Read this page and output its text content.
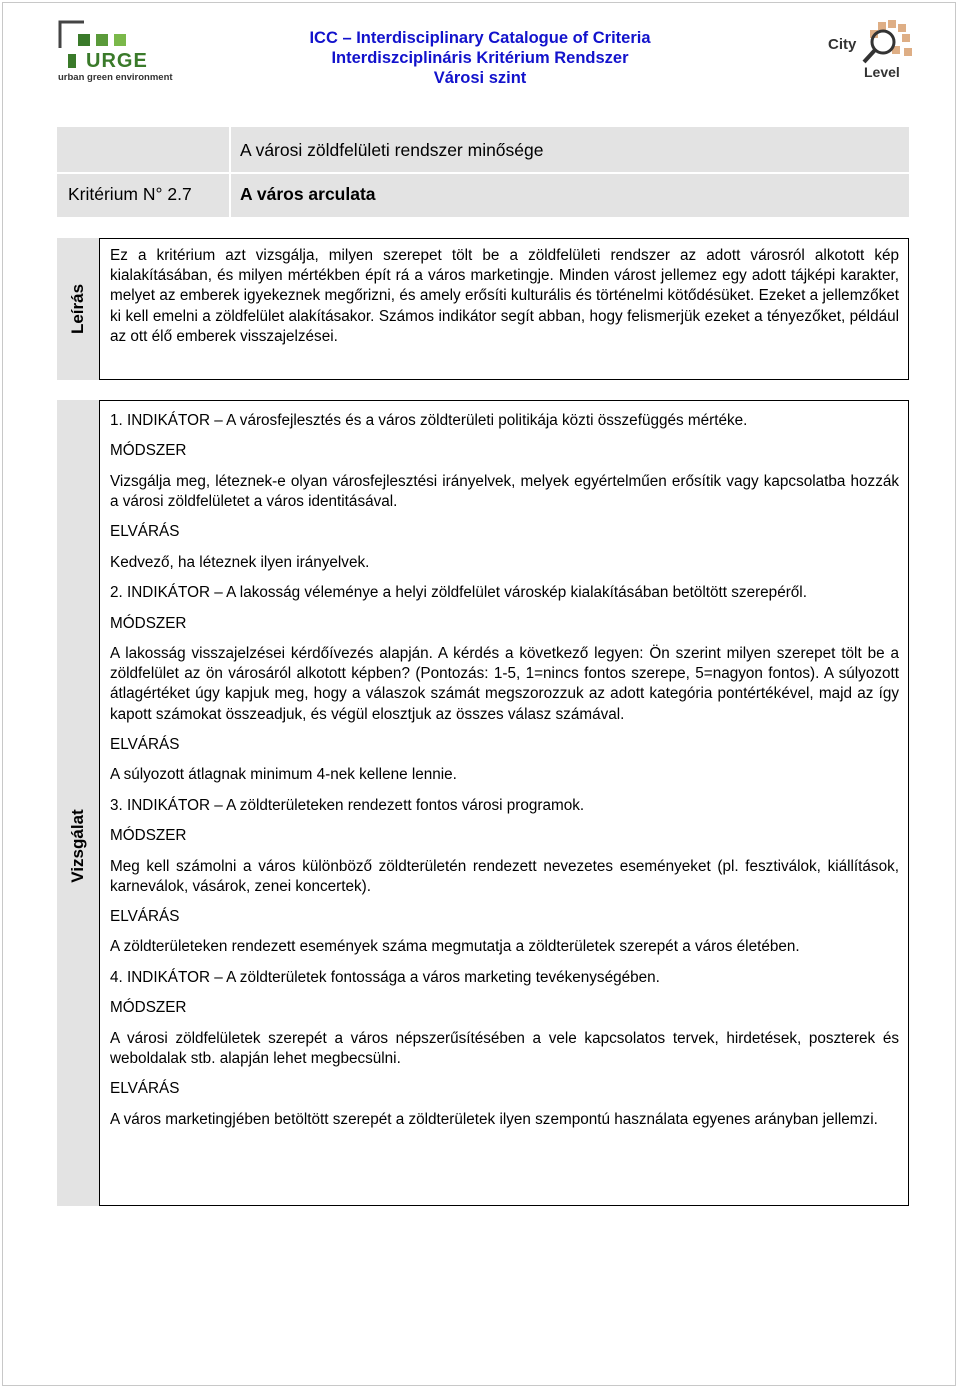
URGE
urban green environment
ICC – Interdisciplinary Catalogue of Criteria
Interdiszciplináris Kritérium Rendszer
Városi szint
City
Level
A városi zöldfelületi rendszer minősége
Kritérium N° 2.7	A város arculata
Leírás
Ez a kritérium azt vizsgálja, milyen szerepet tölt be a zöldfelületi rendszer az adott városról alkotott kép kialakításában, és milyen mértékben épít rá a város marketingje. Minden várost jellemez egy adott tájképi karakter, melyet az emberek igyekeznek megőrizni, és amely erősíti kulturális és történelmi kötődésüket. Ezeket a jellemzőket ki kell emelni a zöldfelület alakításakor. Számos indikátor segít abban, hogy felismerjük ezeket a tényezőket, például az ott élő emberek visszajelzései.
Vizsgálat

1. INDIKÁTOR – A városfejlesztés és a város zöldterületi politikája közti összefüggés mértéke.

MÓDSZER

Vizsgálja meg, léteznek-e olyan városfejlesztési irányelvek, melyek egyértelműen erősítik vagy kapcsolatba hozzák a városi zöldfelületet a város identitásával.

ELVÁRÁS

Kedvező, ha léteznek ilyen irányelvek.

2. INDIKÁTOR – A lakosság véleménye a helyi zöldfelület városkép kialakításában betöltött szerepéről.

MÓDSZER

A lakosság visszajelzései kérdőívezés alapján. A kérdés a következő legyen: Ön szerint milyen szerepet tölt be a zöldfelület az ön városáról alkotott képben? (Pontozás: 1-5, 1=nincs fontos szerepe, 5=nagyon fontos). A súlyozott átlagértéket úgy kapjuk meg, hogy a válaszok számát megszorozzuk az adott kategória pontértékével, majd az így kapott számokat összeadjuk, és végül elosztjuk az összes válasz számával.

ELVÁRÁS

A súlyozott átlagnak minimum 4-nek kellene lennie.

3. INDIKÁTOR – A zöldterületeken rendezett fontos városi programok.

MÓDSZER

Meg kell számolni a város különböző zöldterületén rendezett nevezetes eseményeket (pl. fesztiválok, kiállítások, karneválok, vásárok, zenei koncertek).

ELVÁRÁS

A zöldterületeken rendezett események száma megmutatja a zöldterületek szerepét a város életében.

4. INDIKÁTOR – A zöldterületek fontossága a város marketing tevékenységében.

MÓDSZER

A városi zöldfelületek szerepét a város népszerűsítésében a vele kapcsolatos tervek, hirdetések, poszterek és weboldalak stb. alapján lehet megbecsülni.

ELVÁRÁS

A város marketingjében betöltött szerepét a zöldterületek ilyen szempontú használata egyenes arányban jellemzi.
